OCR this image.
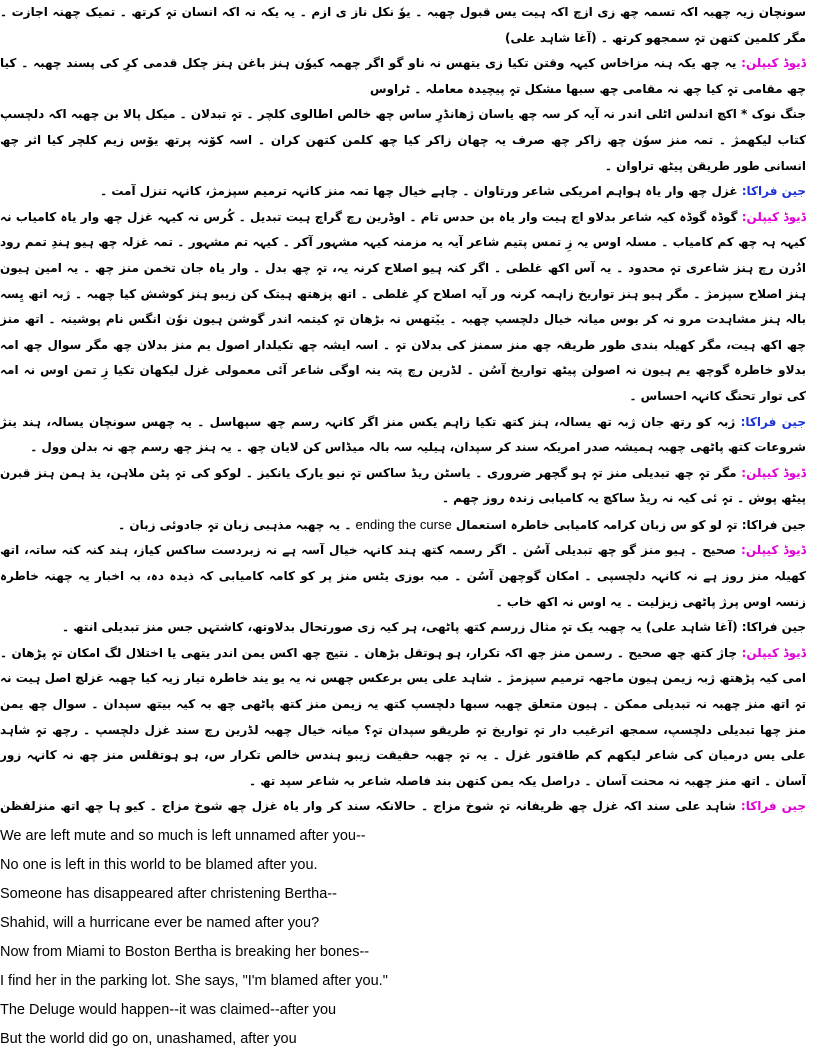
سونچان زیہ چھبہ اکہ تسمہ چھ زی ازچ اکہ ہیت یس قبول چھبہ ۔ یوٗ نکل ناز ی ازم ۔ یہ یکہ نہ اکہ انسان تہٕ کرتھ ۔ تمیک چھنہ اجازت ۔ مگر کلمین کتھن تہٕ سمجھو کرتھ ۔ (آغا شاہد علی)

ڈیوڈ کیپلن: یہ چھ یکہ ہنہ مزاخاس کیہہ وقتن تکیا زی یتھس نہ ناو گو اگر چھمہ کیوٗن ہنز باغن ہنز چکل قدمی کرِ کی پسند چھبہ ۔ کیا چھ مقامی تہٕ کیا چھ نہ مقامی چھ سبھا مشکل تہٕ پیچیدہ معاملہ ۔ ٹراوس

جنگ نوک * اکچ اندلس اٹلی اندر نہ آیہ کر سہ چھ یاسان ژھانڈرِ ساس چھ خالص اطالوی کلچر ۔ تہٕ تبدلان ۔ میکل پالا بن چھبہ اکہ دلچسپ کتاب لیکھمژ ۔ تمہ منز سوٗن چھ زاکر چھ صرف یہ چھان زاکر کیا چھ کلمن کتھن کران ۔ اسہ کوٚنہ پرتھ یوٚس زیم کلچر کیا اثر چھ انسانی طور طریقن پیٹھ تراوان ۔

جین فراکا: غزل چھ وار یاہ ہواہم امریکی شاعر ورتاوان ۔ چاہے خیال چھا تمہ منز کانہہ ترمیم سپزمژ، کانہہ تنزل آمت ۔

ڈیوڈ کیپلن: گوڈہ گوڈہ کیہ شاعر بدلاو اچ ہیت وار یاہ بن حدس تام ۔ اوڈرین رچ گراچ ہیت تبدیل ۔ کُرس نہ کیہہ غزل چھ وار یاہ کامیاب نہ کیہہ ہہ چھ کم کامیاب ۔ مسلہ اوس یہ زِ تمس پتیم شاعر آیہ یہ مزمنہ کیہہ مشہور آکر ۔ کیہہ تم مشہور ۔ تمہ غزلہ چھ ہیو ہندِ تمم رود ادُرن رچ ہنز شاعری تہٕ محدود ۔ یہ آس اکھ غلطی ۔ اگر کنہ ہیو اصلاح کرنہ یہ، تہٕ چھ بدل ۔ وار یاہ جان تخمن منز چھ ۔ یہ امین ہیون ہنز اصلاح سپزمژ ۔ مگر ہیو ہنز تواریخ زاہمہ کرنہ ور آیہ اصلاح کرِ غلطی ۔ اتھ پزھتھ ہیتک کن زیبو ہنز کوشش کیا چھبہ ۔ ژبہ اتھ یِسہ بالہ ہنز مشاہدت مرو نہ کر بوس میانہ خیال دلچسپ چھبہ ۔ ییٚتھس نہ بڑھان تہٕ کیتمہ اندر گوشن ہیون نوٗن انگس نام پوشینہ ۔ اتھ منز چھ اکھ ہیت، مگر کھیلہ بندی طور طریقہ چھ منز سمنز کی بدلان تہٕ ۔ اسہ ایشہ چھ تکیلدار اصول یم منز بدلان چھ مگر سوال چھ امہ بدلاو خاطرہ گوچھ یم ہیون نہ اصولن پیٹھ تواریخ آسُن ۔ لڈرین رچ پتہ ینہ اوگی شاعر آئی معمولی غزل لیکھان تکیا زِ تمن اوس نہ امہ کی توار تحنگ کانہہ احساس ۔

جین فراکا: ژبہ کو رتھ جان ژبہ تھ یسالہ، ہنز کتھ تکیا زاہم یکس منز اگر کانہہ رسم چھ سپھاسل ۔ یہ چھس سونچان یسالہ، ہند ینژ شروعات کتھ پاٹھی چھبہ ہمیشہ صدر امریکہ سند کر سپدان، ہیلیہ سہ بالہ میڈاس کن لایان چھ ۔ یہ ہنز چھ رسم چھ نہ بدلن وول ۔

ڈیوڈ کیپلن: مگر تہٕ چھ تبدیلی منز تہٕ ہو گچھر ضروری ۔ یاسٹن ریڈ ساکس تہٕ نیو یارک یانکیز ۔ لوکو کی تہٕ پٹن ملاہن، یذ ہمن ہنز قبرن پیٹھ پوش ۔ تہٕ ئی کیہ نہ ریڈ ساکچ یہ کامیابی زندہ روز چھم ۔

جین فراکا: تہٕ لو کو س زبان کرامہ کامیابی خاطرہ استعمال ending the curse ۔ یہ چھبہ مذہبی زبان تہٕ جادوئی زبان ۔

ڈیوڈ کیپلن: صحیح ۔ ہیو منز گو چھ تبدیلی آسُن ۔ اگر رسمہ کتھ ہند کانہہ خیال آسہ ہے نہ زبردست ساکس کیاز، ہند کنہ کنہ ساتہ، اتھ کھیلہ منز روز ہے نہ کانہہ دلچسپی ۔ امکان گوچھن آسُن ۔ مبہ بوزی یٹس منز پر کو کامہ کامیابی کہ ذیدہ دہ، بہ اخبار یہ چھنہ خاطرہ زنسہ اوس پرژ پاٹھی زیزلیت ۔ یہ اوس نہ اکھ خاب ۔

جین فراکا: (آغا شاہد علی) یہ چھبہ یک تہٕ مثال زرسم کتھ پاٹھی، ہر کیہ زی صورتحال بدلاوتھ، کاشتہں جس منز تبدیلی انتھ ۔

ڈیوڈ کیپلن: چاژ کتھ چھ صحیح ۔ رسمن منز چھ اکہ تکرار، ہو ہوتقل بڑھان ۔ نتیج چھ اکس یمن اندر یتھی یا اختلال لگ امکان تہٕ پڑھان ۔ امی کیہ پڑھتھ ژبہ زیمن ہیون ماجھہ ترمیم سپزمژ ۔ شاہد علی یس برعکس چھس نہ یہ یو یند خاطرہ تیار زیہ کیا چھبہ غزلچ اصل ہیت نہ تہٕ اتھ منز چھبہ نہ تبدیلی ممکن ۔ ہیون متعلق چھبہ سبھا دلچسپ کتھ یہ زیمن منز کتھ پاٹھی چھ بہ کیہ بیتھ سپدان ۔ سوال چھ یمن منز چھا تبدیلی دلچسپ، سمجھ اترغیب دار تہٕ تواریخ تہٕ طریقو سپدان تہٕ؟ میانہ خیال چھبہ لڈرین رچ سند غزل دلچسپ ۔ رچھ تہٕ شاہد علی یس درمیان کی شاعر لیکھم کم طاقتور غزل ۔ یہ تہٕ چھبہ حقیقت زیبو ہندس خالص تکرار س، ہو ہوتقلس منز چھ نہ کانہہ زور آسان ۔ اتھ منز چھبہ نہ محنت آسان ۔ دراصل یکہ یمن کتھن بند فاصلہ شاعر بہ شاعر سپد تھ ۔

جین فراکا: شاہد علی سند اکہ غزل چھ ظریفانہ تہٕ شوخ مزاج ۔ حالانکہ سند کر وار یاہ غزل چھ شوخ مزاج ۔ کیو ہا چھ اتھ منزلفظن

We are left mute and so much is left unnamed after you--
No one is left in this world to be blamed after you.
Someone has disappeared after christening Bertha--
Shahid, will a hurricane ever be named after you?
Now from Miami to Boston Bertha is breaking her bones--
I find her in the parking lot. She says, "I'm blamed after you."
The Deluge would happen--it was claimed--after you
But the world did go on, unashamed, after you
